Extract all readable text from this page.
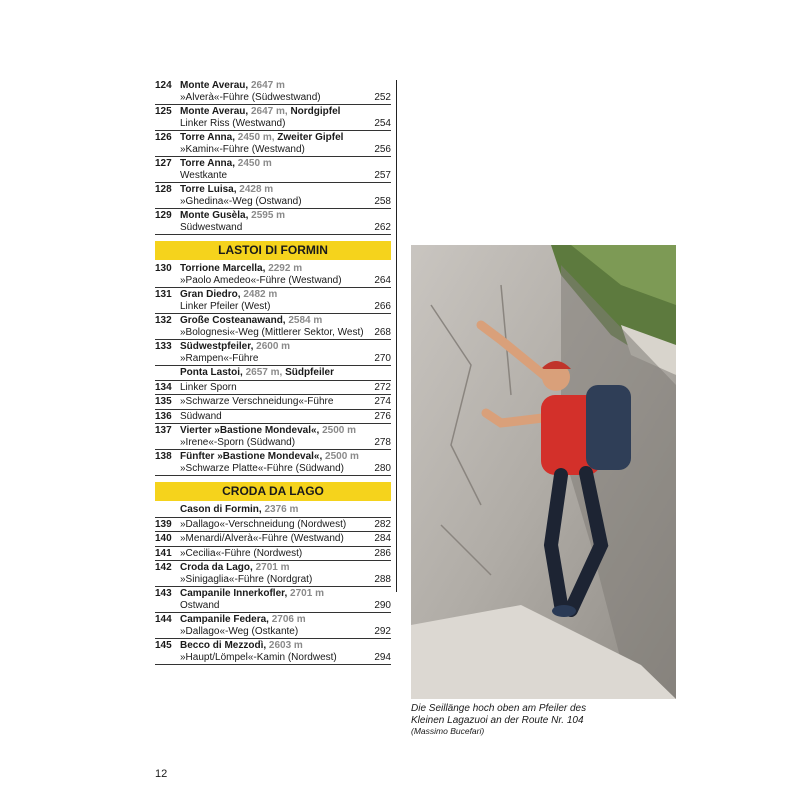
124 Monte Averau, 2647 m
»Alverà«-Führe (Südwestwand)	252
125 Monte Averau, 2647 m, Nordgipfel
Linker Riss (Westwand)	254
126 Torre Anna, 2450 m, Zweiter Gipfel
»Kamin«-Führe (Westwand)	256
127 Torre Anna, 2450 m
Westkante	257
128 Torre Luisa, 2428 m
»Ghedina«-Weg (Ostwand)	258
129 Monte Gusèla, 2595 m
Südwestwand	262
LASTOI DI FORMIN
130 Torrione Marcella, 2292 m
»Paolo Amedeo«-Führe (Westwand)	264
131 Gran Diedro, 2482 m
Linker Pfeiler (West)	266
132 Große Costeanawand, 2584 m
»Bolognesi«-Weg (Mittlerer Sektor, West)	268
133 Südwestpfeiler, 2600 m
»Rampen«-Führe	270
Ponta Lastoi, 2657 m, Südpfeiler
134 Linker Sporn	272
135 »Schwarze Verschneidung«-Führe	274
136 Südwand	276
137 Vierter »Bastione Mondeval«, 2500 m
»Irene«-Sporn (Südwand)	278
138 Fünfter »Bastione Mondeval«, 2500 m
»Schwarze Platte«-Führe (Südwand)	280
CRODA DA LAGO
Cason di Formin, 2376 m
139 »Dallago«-Verschneidung (Nordwest)	282
140 »Menardi/Alverà«-Führe (Westwand)	284
141 »Cecilia«-Führe (Nordwest)	286
142 Croda da Lago, 2701 m
»Sinigaglia«-Führe (Nordgrat)	288
143 Campanile Innerkofler, 2701 m
Ostwand	290
144 Campanile Federa, 2706 m
»Dallago«-Weg (Ostkante)	292
145 Becco di Mezzodì, 2603 m
»Haupt/Lömpel«-Kamin (Nordwest)	294
Die Seillänge hoch oben am Pfeiler des
Kleinen Lagazuoi an der Route Nr. 104
(Massimo Bucefari)
12
